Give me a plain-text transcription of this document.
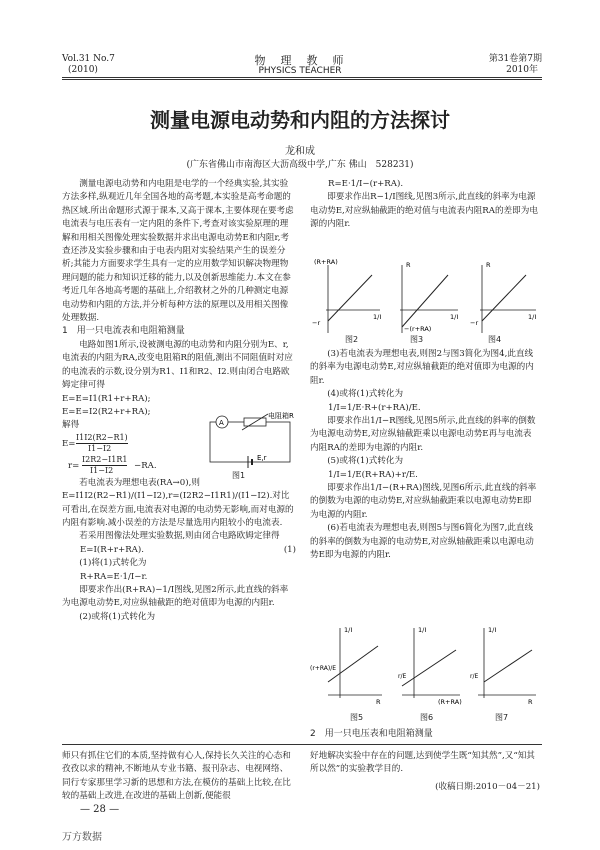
Vol.31 No.7
(2010)
物　理　教　师
PHYSICS TEACHER
第31卷第7期
2010年
测量电源电动势和内阻的方法探讨
龙和成
(广东省佛山市南海区大沥高级中学,广东 佛山　528231)

测量电源电动势和内电阻是电学的一个经典实验,其实验方法多样,纵观近几年全国各地的高考题,本实验是高考命题的热区域.所出命题形式源于课本,又高于课本,主要体现在要考虑电流表与电压表有一定内阻的条件下,考查对该实验原理的理解和用相关图像处理实验数据并求出电源电动势E和内阻r,考查还涉及实验步骤和由于电表内阻对实验结果产生的误差分析;其能力方面要求学生具有一定的应用数学知识解决物理物理问题的能力和知识迁移的能力,以及创新思维能力.本文在参考近几年各地高考题的基础上,介绍教材之外的几种测定电源电动势和内阻的方法,并分析每种方法的原理以及用相关图像处理数据.

1　用一只电流表和电阻箱测量

电路如图1所示,设被测电源的电动势和内阻分别为E、r,电流表的内阻为RA,改变电阻箱R的阻值,测出不同阻值时对应的电流表的示数,设分别为R1、I1和R2、I2.则由闭合电路欧姆定律可得

E=E=I1(R1+r+RA);

E=E=I2(R2+r+RA);

解得

E=
I1I2(R2−R1)
I1−I2

r=
I2R2−I1R1
I1−I2 −RA.

若电流表为理想电表(RA→0),则 E=I1I2(R2−R1)/(I1−I2),r=(I2R2−I1R1)/(I1−I2).对比可看出,在误差方面,电流表对电源的电动势无影响,而对电源的内阻有影响.减小误差的方法是尽量选用内阻较小的电流表.

若采用图像法处理实验数据,则由闭合电路欧姆定律得

E=I(R+r+RA).	(1)

(1)将(1)式转化为

R+RA=E·1/I−r.

即要求作出(R+RA)−1/I图线,见图2所示,此直线的斜率为电源电动势E,对应纵轴截距的绝对值即为电源的内阻r.

(2)或将(1)式转化为

A
电阻箱R
E,r
图1

R=E·1/I−(r+RA).

即要求作出R−1/I图线,见图3所示,此直线的斜率为电源电动势E,对应纵轴截距的绝对值与电流表内阻RA的差即为电源的内阻r.

(R+RA)
1/I
−r
R
1/I
−(r+RA)
R
1/I
−r
图2	图3	图4

(3)若电流表为理想电表,则图2与图3简化为图4,此直线的斜率为电源电动势E,对应纵轴截距的绝对值即为电源的内阻r.

(4)或将(1)式转化为

1/I=1/E·R+(r+RA)/E.

即要求作出1/I−R图线,见图5所示,此直线的斜率的倒数为电源电动势E,对应纵轴截距乘以电源电动势E再与电流表内阻RA的差即为电源的内阻r.

(5)或将(1)式转化为

1/I=1/E(R+RA)+r/E.

即要求作出1/I−(R+RA)图线,见图6所示,此直线的斜率的倒数为电源的电动势E,对应纵轴截距乘以电源电动势E即为电源的内阻r.

(6)若电流表为理想电表,则图5与图6简化为图7,此直线的斜率的倒数为电源的电动势E,对应纵轴截距乘以电源电动势E即为电源的内阻r.

1/I
R
(r+RA)/E
1/I
(R+RA)
r/E
1/I
R
r/E
图5	图6	图7
2　用一只电压表和电阻箱测量
师只有抓住它们的本质,坚持做有心人,保持长久关注的心态和孜孜以求的精神,不断地从专业书籍、报刊杂志、电视网络、同行专家那里学习新的思想和方法,在模仿的基础上比较,在比较的基础上改进,在改进的基础上创新,便能很
好地解决实验中存在的问题,达到使学生既“知其然”,又“知其所以然”的实验教学目的.
(收稿日期:2010－04－21)
— 28 —
万方数据
